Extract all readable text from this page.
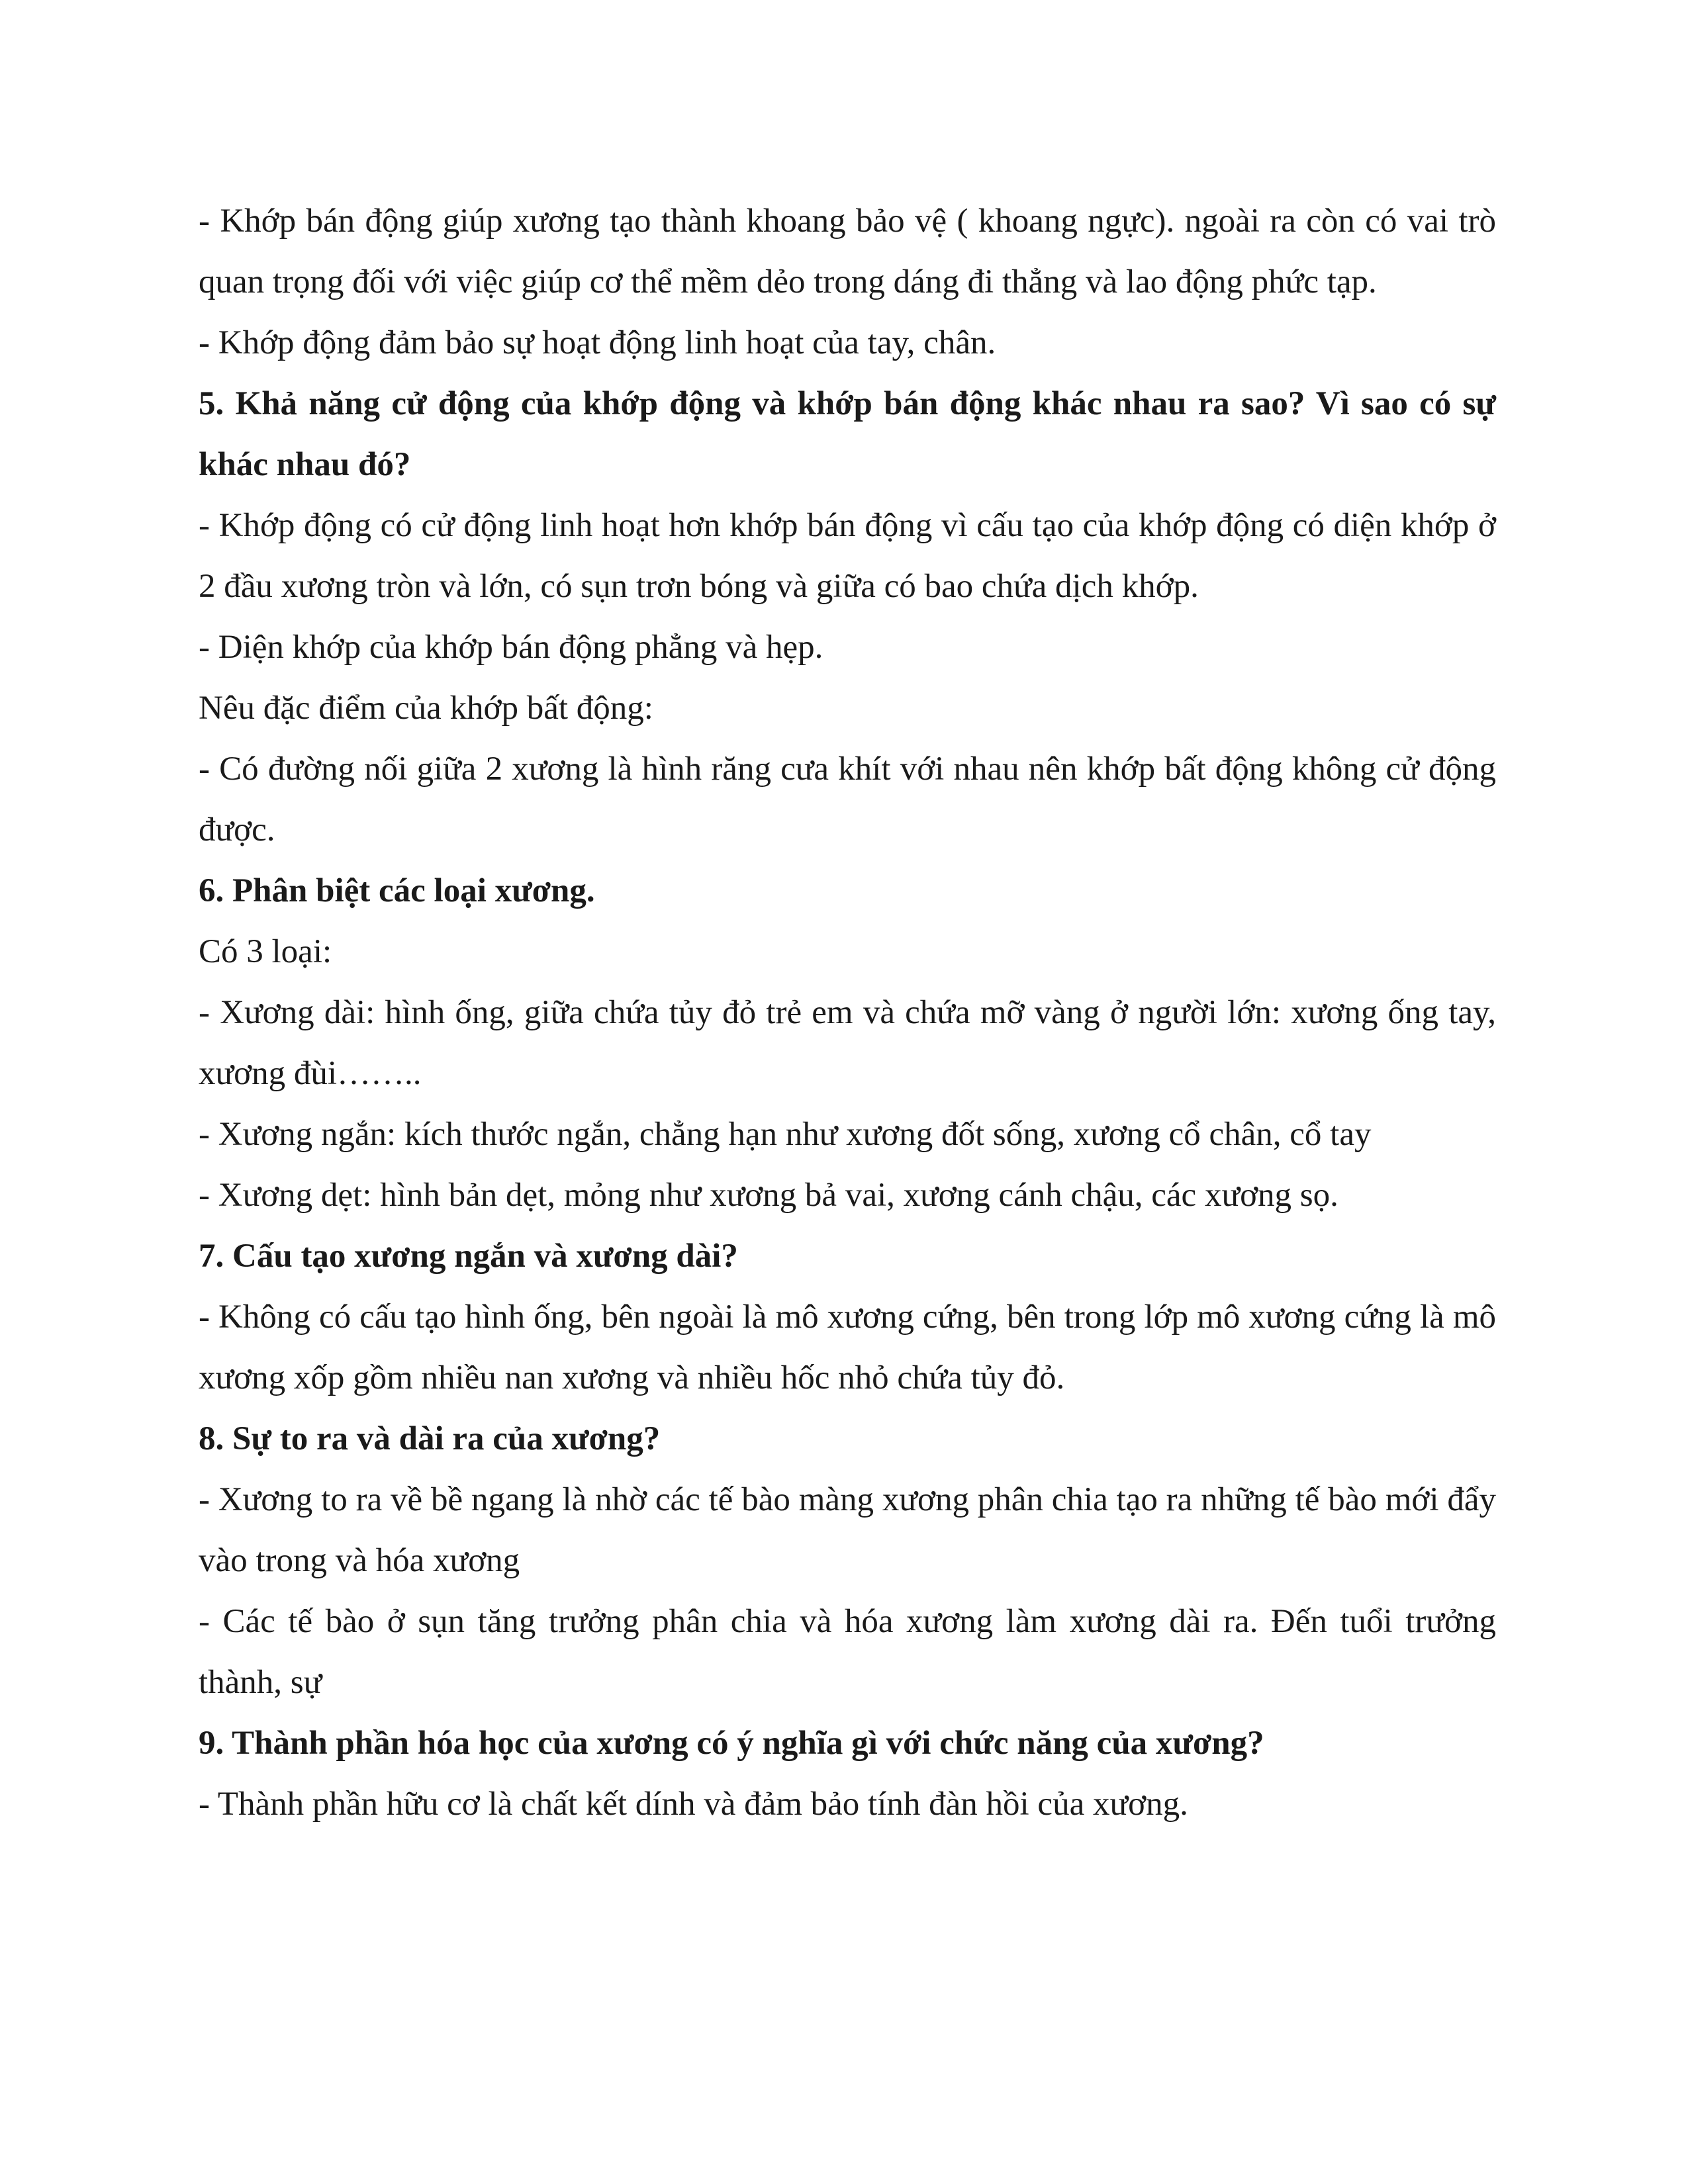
- Khớp bán động giúp xương tạo thành khoang bảo vệ ( khoang ngực). ngoài ra còn có vai trò quan trọng đối với việc giúp cơ thể mềm dẻo trong dáng đi thẳng và lao động phức tạp.

- Khớp động đảm bảo sự hoạt động linh hoạt của tay, chân.

5. Khả năng cử động của khớp động và khớp bán động khác nhau ra sao? Vì sao có sự khác nhau đó?

- Khớp động có cử động linh hoạt hơn khớp bán động vì cấu tạo của khớp động có diện khớp ở 2 đầu xương tròn và lớn, có sụn trơn bóng và giữa có bao chứa dịch khớp.

- Diện khớp của khớp bán động phẳng và hẹp.

Nêu đặc điểm của khớp bất động:

- Có đường nối giữa 2 xương là hình răng cưa khít với nhau nên khớp bất động không cử động được.

6. Phân biệt các loại xương.

Có 3 loại:

- Xương dài: hình ống, giữa chứa tủy đỏ trẻ em và chứa mỡ vàng ở người lớn: xương ống tay, xương đùi……..

- Xương ngắn: kích thước ngắn, chẳng hạn như xương đốt sống, xương cổ chân, cổ tay

- Xương dẹt: hình bản dẹt, mỏng như xương bả vai, xương cánh chậu, các xương sọ.

7. Cấu tạo xương ngắn và xương dài?

- Không có cấu tạo hình ống, bên ngoài là mô xương cứng, bên trong lớp mô xương cứng là mô xương xốp gồm nhiều nan xương và nhiều hốc nhỏ chứa tủy đỏ.

8. Sự to ra và dài ra của xương?

- Xương to ra về bề ngang là nhờ các tế bào màng xương phân chia tạo ra những tế bào mới đẩy vào trong và hóa xương

- Các tế bào ở sụn tăng trưởng phân chia và hóa xương làm xương dài ra. Đến tuổi trưởng thành, sự

9. Thành phần hóa học của xương có ý nghĩa gì với chức năng của xương?

- Thành phần hữu cơ là chất kết dính và đảm bảo tính đàn hồi của xương.
